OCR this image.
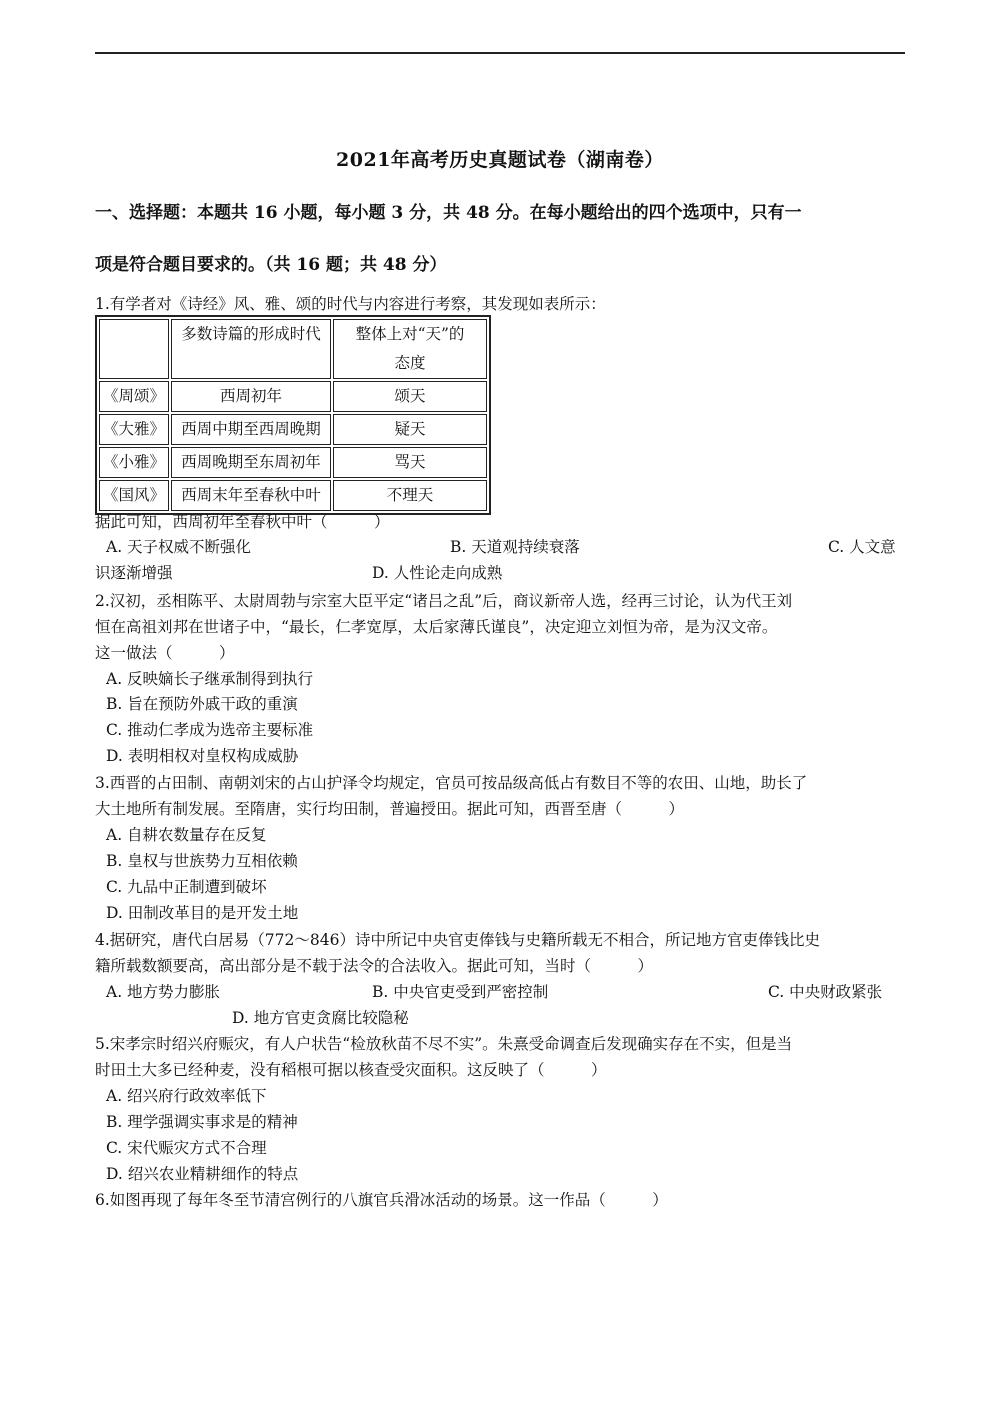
2021年高考历史真题试卷（湖南卷）
一、选择题：本题共 16 小题，每小题 3 分，共 48 分。在每小题给出的四个选项中，只有一
项是符合题目要求的。（共 16 题；共 48 分）
1.有学者对《诗经》风、雅、颂的时代与内容进行考察，其发现如表所示：
	多数诗篇的形成时代	整体上对“天”的
态度

《周颂》	西周初年	颂天
《大雅》	西周中期至西周晚期	疑天
《小雅》	西周晚期至东周初年	骂天
《国风》	西周末年至春秋中叶	不理天
据此可知，西周初年至春秋中叶（　　　）
A. 天子权威不断强化	B. 天道观持续衰落	C. 人文意
识逐渐增强	D. 人性论走向成熟
2.汉初，丞相陈平、太尉周勃与宗室大臣平定“诸吕之乱”后，商议新帝人选，经再三讨论，认为代王刘
恒在高祖刘邦在世诸子中，“最长，仁孝宽厚，太后家薄氏谨良”，决定迎立刘恒为帝，是为汉文帝。
这一做法（　　　）
A. 反映嫡长子继承制得到执行
B. 旨在预防外戚干政的重演
C. 推动仁孝成为选帝主要标准
D. 表明相权对皇权构成威胁
3.西晋的占田制、南朝刘宋的占山护泽令均规定，官员可按品级高低占有数目不等的农田、山地，助长了
大土地所有制发展。至隋唐，实行均田制，普遍授田。据此可知，西晋至唐（　　　）
A. 自耕农数量存在反复
B. 皇权与世族势力互相依赖
C. 九品中正制遭到破坏
D. 田制改革目的是开发土地
4.据研究，唐代白居易（772～846）诗中所记中央官吏俸钱与史籍所载无不相合，所记地方官吏俸钱比史
籍所载数额要高，高出部分是不载于法令的合法收入。据此可知，当时（　　　）
A. 地方势力膨胀	B. 中央官吏受到严密控制	C. 中央财政紧张
D. 地方官吏贪腐比较隐秘
5.宋孝宗时绍兴府赈灾，有人户状告“检放秋苗不尽不实”。朱熹受命调查后发现确实存在不实，但是当
时田土大多已经种麦，没有稻根可据以核查受灾面积。这反映了（　　　）
A. 绍兴府行政效率低下
B. 理学强调实事求是的精神
C. 宋代赈灾方式不合理
D. 绍兴农业精耕细作的特点
6.如图再现了每年冬至节清宫例行的八旗官兵滑冰活动的场景。这一作品（　　　）
